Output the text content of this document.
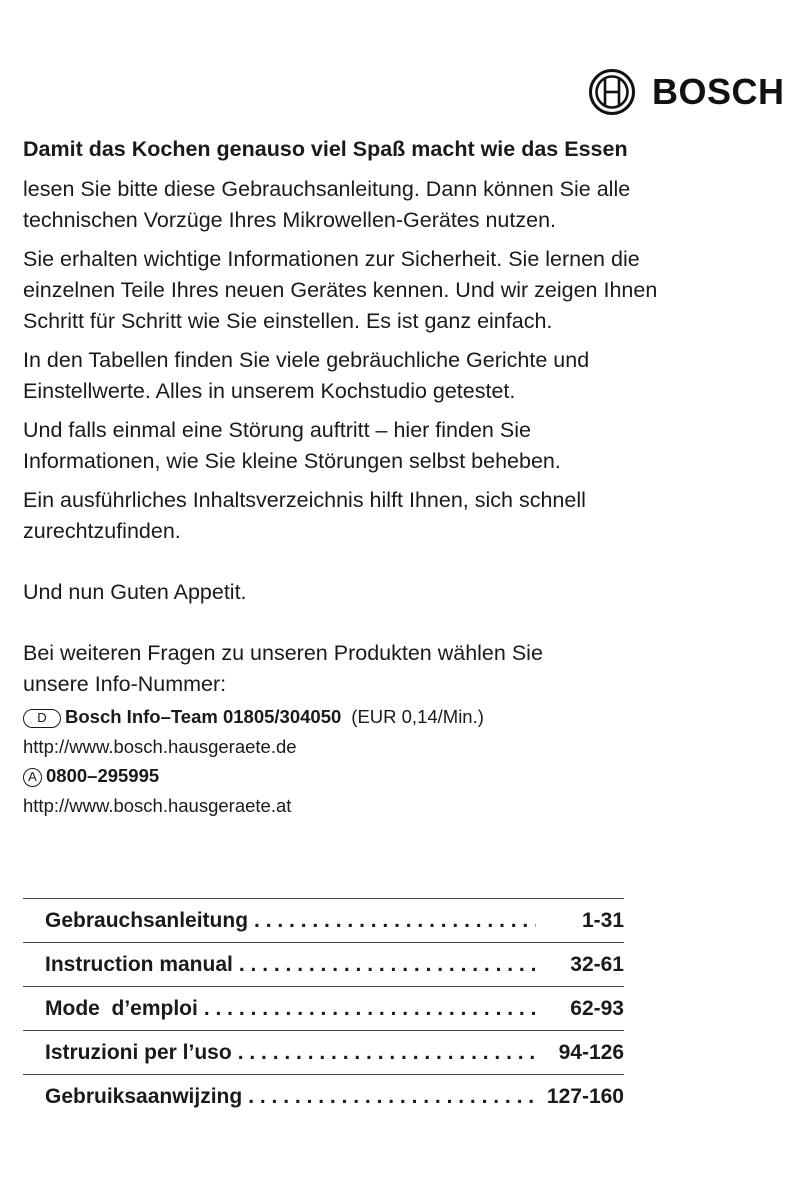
BOSCH
Damit das Kochen genauso viel Spaß macht wie das Essen
lesen Sie bitte diese Gebrauchsanleitung. Dann können Sie alle technischen Vorzüge Ihres Mikrowellen-Gerätes nutzen.
Sie erhalten wichtige Informationen zur Sicherheit. Sie lernen die einzelnen Teile Ihres neuen Gerätes kennen. Und wir zeigen Ihnen Schritt für Schritt wie Sie einstellen. Es ist ganz einfach.
In den Tabellen finden Sie viele gebräuchliche Gerichte und Einstellwerte. Alles in unserem Kochstudio getestet.
Und falls einmal eine Störung auftritt – hier finden Sie Informationen, wie Sie kleine Störungen selbst beheben.
Ein ausführliches Inhaltsverzeichnis hilft Ihnen, sich schnell zurechtzufinden.
Und nun Guten Appetit.
Bei weiteren Fragen zu unseren Produkten wählen Sie unsere Info-Nummer:
D Bosch Info–Team 01805/304050 (EUR 0,14/Min.)
http://www.bosch.hausgeraete.de
A 0800–295995
http://www.bosch.hausgeraete.at
Gebrauchsanleitung . . .	1-31
Instruction manual . . .	32-61
Mode  d’emploi . . .	62-93
Istruzioni per l’uso . . .	94-126
Gebruiksaanwijzing . . .	127-160
